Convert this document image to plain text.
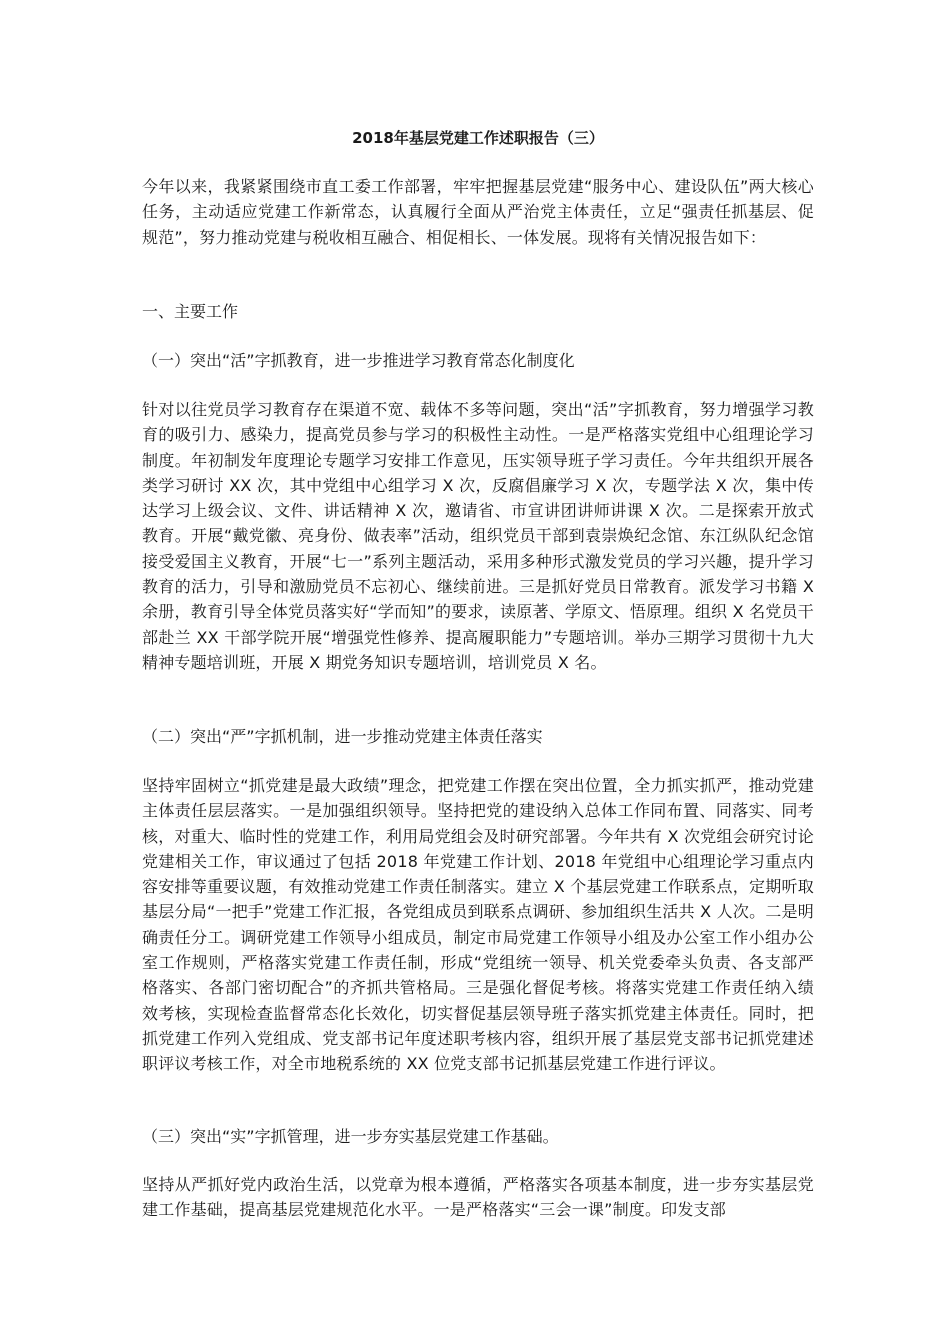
2018年基层党建工作述职报告（三）

今年以来，我紧紧围绕市直工委工作部署，牢牢把握基层党建“服务中心、建设队伍”两大核心任务，主动适应党建工作新常态，认真履行全面从严治党主体责任，立足“强责任抓基层、促规范”，努力推动党建与税收相互融合、相促相长、一体发展。现将有关情况报告如下：

一、主要工作

（一）突出“活”字抓教育，进一步推进学习教育常态化制度化

针对以往党员学习教育存在渠道不宽、载体不多等问题，突出“活”字抓教育，努力增强学习教育的吸引力、感染力，提高党员参与学习的积极性主动性。一是严格落实党组中心组理论学习制度。年初制发年度理论专题学习安排工作意见，压实领导班子学习责任。今年共组织开展各类学习研讨 XX 次，其中党组中心组学习 X 次，反腐倡廉学习 X 次，专题学法 X 次，集中传达学习上级会议、文件、讲话精神 X 次，邀请省、市宣讲团讲师讲课 X 次。二是探索开放式教育。开展“戴党徽、亮身份、做表率”活动，组织党员干部到袁崇焕纪念馆、东江纵队纪念馆接受爱国主义教育，开展“七一”系列主题活动，采用多种形式激发党员的学习兴趣，提升学习教育的活力，引导和激励党员不忘初心、继续前进。三是抓好党员日常教育。派发学习书籍 X 余册，教育引导全体党员落实好“学而知”的要求，读原著、学原文、悟原理。组织 X 名党员干部赴兰 XX 干部学院开展“增强党性修养、提高履职能力”专题培训。举办三期学习贯彻十九大精神专题培训班，开展 X 期党务知识专题培训，培训党员 X 名。

（二）突出“严”字抓机制，进一步推动党建主体责任落实

坚持牢固树立“抓党建是最大政绩”理念，把党建工作摆在突出位置，全力抓实抓严，推动党建主体责任层层落实。一是加强组织领导。坚持把党的建设纳入总体工作同布置、同落实、同考核，对重大、临时性的党建工作，利用局党组会及时研究部署。今年共有 X 次党组会研究讨论党建相关工作，审议通过了包括 2018 年党建工作计划、2018 年党组中心组理论学习重点内容安排等重要议题，有效推动党建工作责任制落实。建立 X 个基层党建工作联系点，定期听取基层分局“一把手”党建工作汇报，各党组成员到联系点调研、参加组织生活共 X 人次。二是明确责任分工。调研党建工作领导小组成员，制定市局党建工作领导小组及办公室工作小组办公室工作规则，严格落实党建工作责任制，形成“党组统一领导、机关党委牵头负责、各支部严格落实、各部门密切配合”的齐抓共管格局。三是强化督促考核。将落实党建工作责任纳入绩效考核，实现检查监督常态化长效化，切实督促基层领导班子落实抓党建主体责任。同时，把抓党建工作列入党组成、党支部书记年度述职考核内容，组织开展了基层党支部书记抓党建述职评议考核工作，对全市地税系统的 XX 位党支部书记抓基层党建工作进行评议。

（三）突出“实”字抓管理，进一步夯实基层党建工作基础。

坚持从严抓好党内政治生活，以党章为根本遵循，严格落实各项基本制度，进一步夯实基层党建工作基础，提高基层党建规范化水平。一是严格落实“三会一课”制度。印发支部
